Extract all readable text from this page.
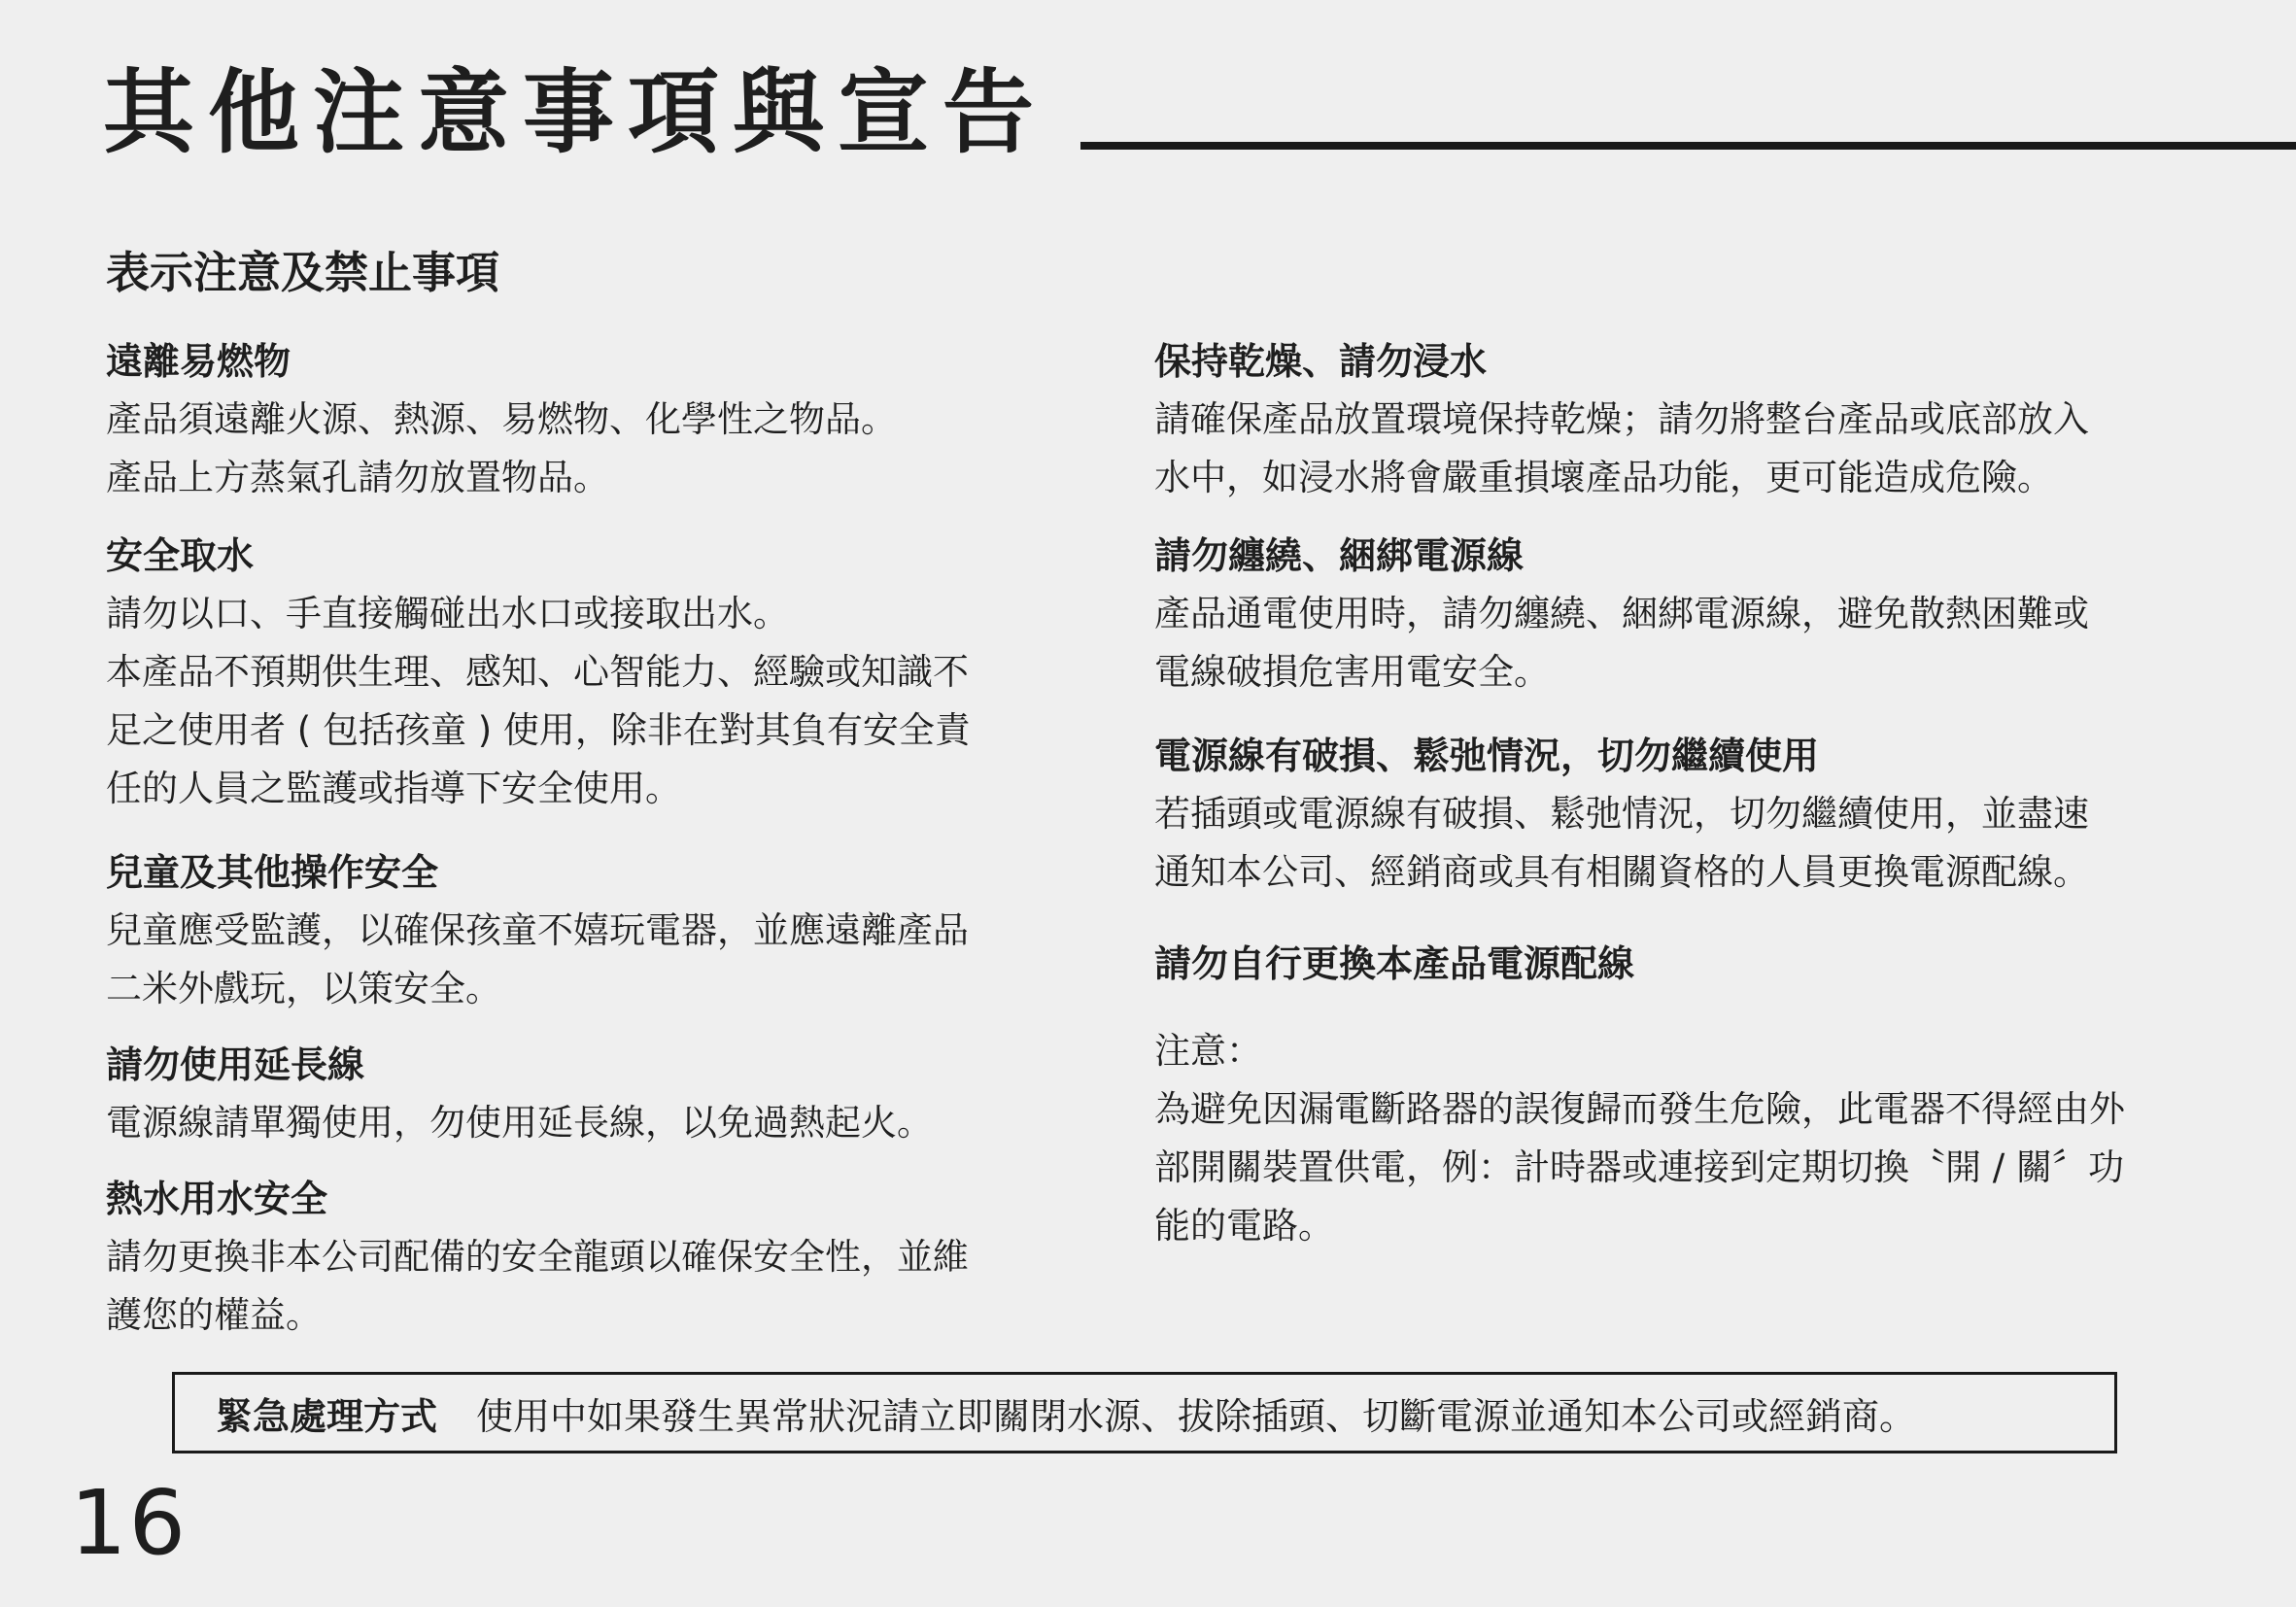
其他注意事項與宣告
表示注意及禁止事項

遠離易燃物

產品須遠離火源、熱源、易燃物、化學性之物品。
產品上方蒸氣孔請勿放置物品。

安全取水

請勿以口、手直接觸碰出水口或接取出水。
本產品不預期供生理、感知、心智能力、經驗或知識不
足之使用者 ( 包括孩童 ) 使用，除非在對其負有安全責
任的人員之監護或指導下安全使用。

兒童及其他操作安全

兒童應受監護，以確保孩童不嬉玩電器，並應遠離產品
二米外戲玩，以策安全。

請勿使用延長線

電源線請單獨使用，勿使用延長線，以免過熱起火。

熱水用水安全

請勿更換非本公司配備的安全龍頭以確保安全性，並維
護您的權益。

保持乾燥、請勿浸水

請確保產品放置環境保持乾燥；請勿將整台產品或底部放入
水中，如浸水將會嚴重損壞產品功能，更可能造成危險。

請勿纏繞、綑綁電源線

產品通電使用時，請勿纏繞、綑綁電源線，避免散熱困難或
電線破損危害用電安全。

電源線有破損、鬆弛情況，切勿繼續使用

若插頭或電源線有破損、鬆弛情況，切勿繼續使用，並盡速
通知本公司、經銷商或具有相關資格的人員更換電源配線。

請勿自行更換本產品電源配線

注意：
為避免因漏電斷路器的誤復歸而發生危險，此電器不得經由外
部開關裝置供電，例：計時器或連接到定期切換〝開 / 關〞功
能的電路。

緊急處理方式 使用中如果發生異常狀況請立即關閉水源、拔除插頭、切斷電源並通知本公司或經銷商。
16
